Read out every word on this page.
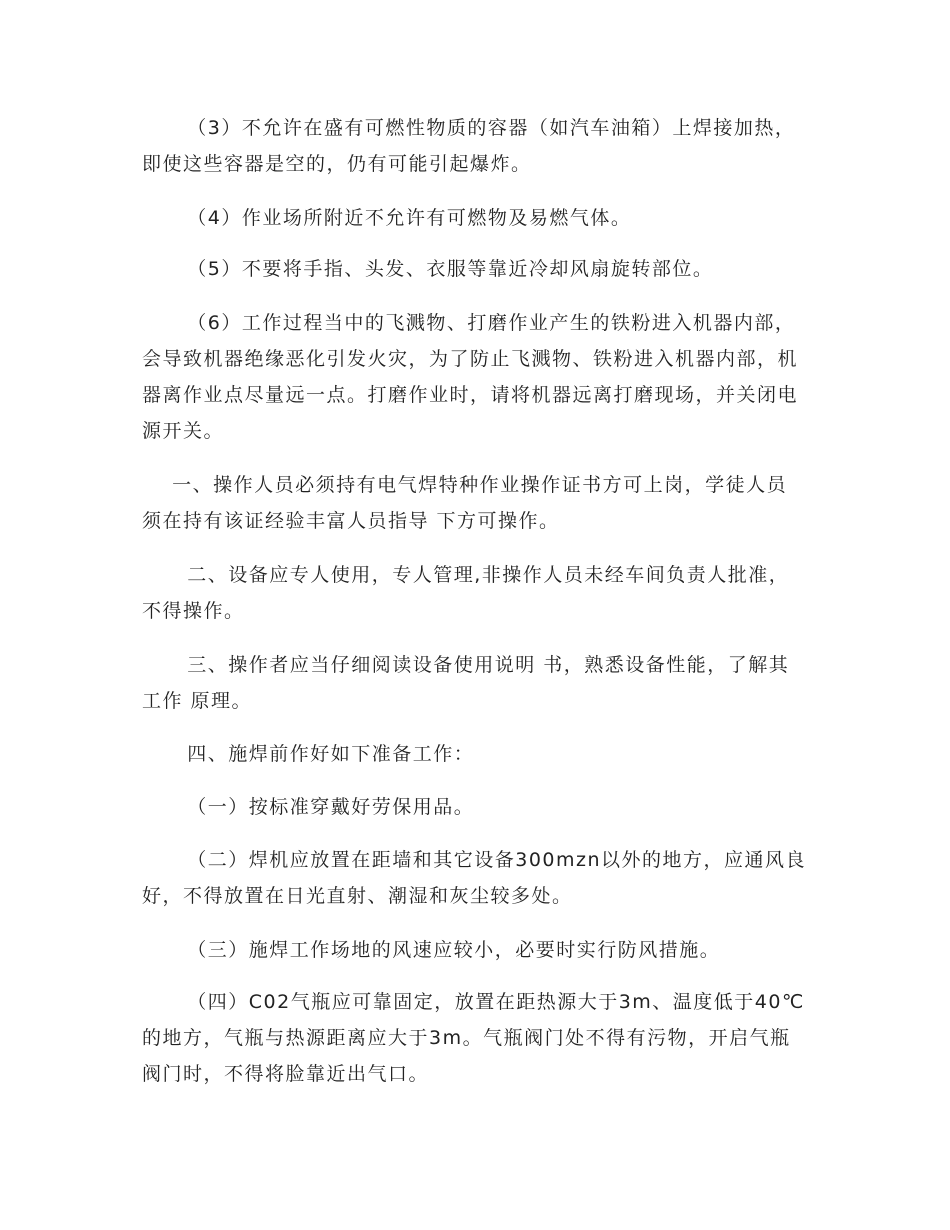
（3）不允许在盛有可燃性物质的容器（如汽车油箱）上焊接加热，即使这些容器是空的，仍有可能引起爆炸。

（4）作业场所附近不允许有可燃物及易燃气体。

（5）不要将手指、头发、衣服等靠近冷却风扇旋转部位。

（6）工作过程当中的飞溅物、打磨作业产生的铁粉进入机器内部，会导致机器绝缘恶化引发火灾，为了防止飞溅物、铁粉进入机器内部，机器离作业点尽量远一点。打磨作业时，请将机器远离打磨现场，并关闭电源开关。

一、操作人员必须持有电气焊特种作业操作证书方可上岗，学徒人员须在持有该证经验丰富人员指导 下方可操作。

二、设备应专人使用，专人管理,非操作人员未经车间负责人批准，不得操作。

三、操作者应当仔细阅读设备使用说明 书，熟悉设备性能，了解其工作 原理。

四、施焊前作好如下准备工作：

（一）按标准穿戴好劳保用品。

（二）焊机应放置在距墙和其它设备300mzn以外的地方，应通风良好，不得放置在日光直射、潮湿和灰尘较多处。

（三）施焊工作场地的风速应较小，必要时实行防风措施。

（四）C02气瓶应可靠固定，放置在距热源大于3m、温度低于40℃的地方，气瓶与热源距离应大于3m。气瓶阀门处不得有污物，开启气瓶阀门时，不得将脸靠近出气口。
